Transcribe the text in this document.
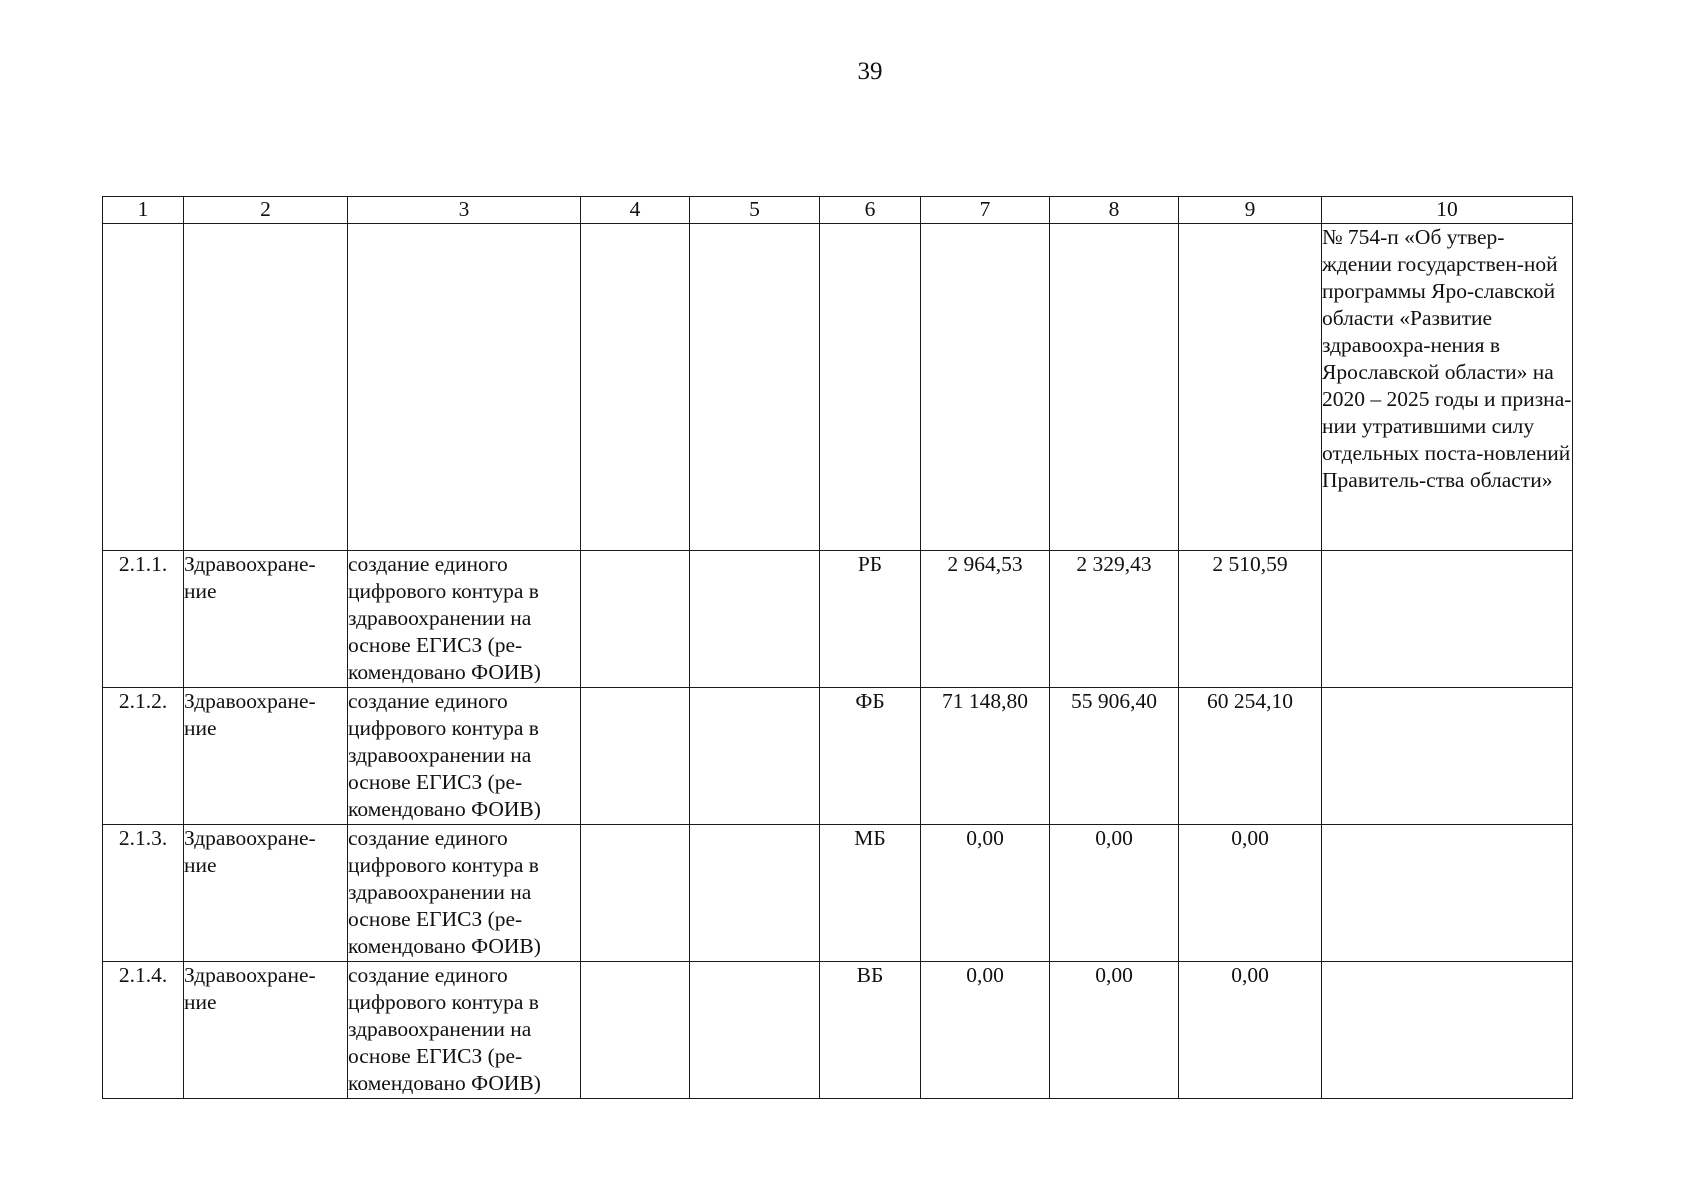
39
1	2	3	4	5	6	7	8	9	10
									№ 754-п «Об утвер-ждении государствен-ной программы Яро-славской области «Развитие здравоохра-нения в Ярославской области» на 2020 – 2025 годы и призна-нии утратившими силу отдельных поста-новлений Правитель-ства области»
2.1.1.	Здравоохране-ние	создание единого цифрового контура в здравоохранении на основе ЕГИСЗ (ре-комендовано ФОИВ)			РБ	2 964,53	2 329,43	2 510,59	
2.1.2.	Здравоохране-ние	создание единого цифрового контура в здравоохранении на основе ЕГИСЗ (ре-комендовано ФОИВ)			ФБ	71 148,80	55 906,40	60 254,10	
2.1.3.	Здравоохране-ние	создание единого цифрового контура в здравоохранении на основе ЕГИСЗ (ре-комендовано ФОИВ)			МБ	0,00	0,00	0,00	
2.1.4.	Здравоохране-ние	создание единого цифрового контура в здравоохранении на основе ЕГИСЗ (ре-комендовано ФОИВ)			ВБ	0,00	0,00	0,00	
